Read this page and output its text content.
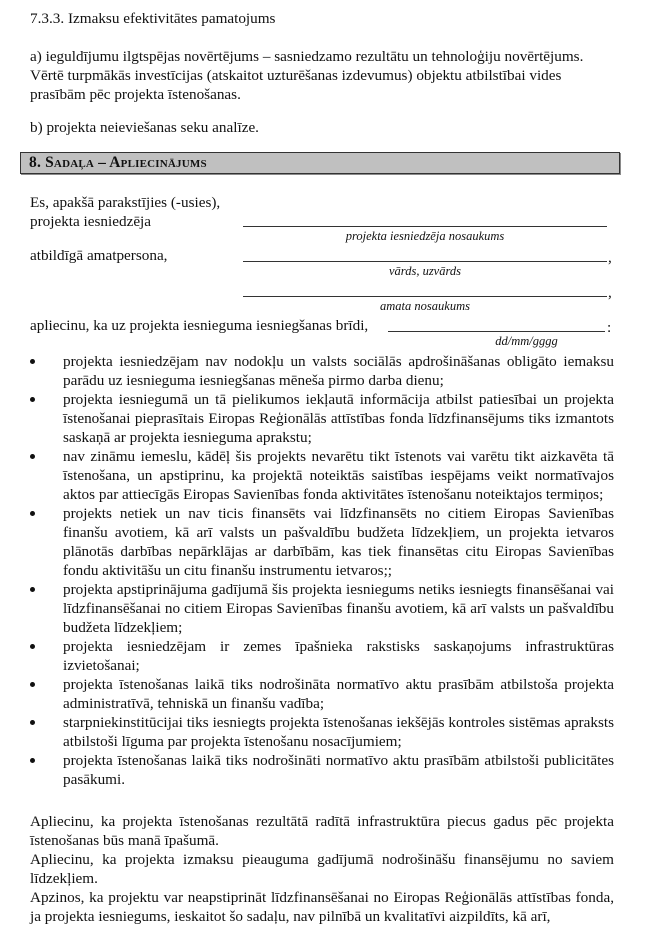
7.3.3. Izmaksu efektivitātes pamatojums
a) ieguldījumu ilgtspējas novērtējums – sasniedzamo rezultātu un tehnoloģiju novērtējums.
Vērtē turpmākās investīcijas (atskaitot uzturēšanas izdevumus) objektu atbilstībai vides
prasībām pēc projekta īstenošanas.
b) projekta neieviešanas seku analīze.
8. Sadaļa – Apliecinājums
Es, apakšā parakstījies (-usies),
projekta iesniedzēja
projekta iesniedzēja nosaukums
atbildīgā amatpersona,	,
vārds, uzvārds
,
amata nosaukums
apliecinu, ka uz projekta iesnieguma iesniegšanas brīdi,	:
dd/mm/gggg
projekta iesniedzējam nav nodokļu un valsts sociālās apdrošināšanas obligāto iemaksu parādu uz iesnieguma iesniegšanas mēneša pirmo darba dienu;
projekta iesniegumā un tā pielikumos iekļautā informācija atbilst patiesībai un projekta īstenošanai pieprasītais Eiropas Reģionālās attīstības fonda līdzfinansējums tiks izmantots saskaņā ar projekta iesnieguma aprakstu;
nav zināmu iemeslu, kādēļ šis projekts nevarētu tikt īstenots vai varētu tikt aizkavēta tā īstenošana, un apstiprinu, ka projektā noteiktās saistības iespējams veikt normatīvajos aktos par attiecīgās Eiropas Savienības fonda aktivitātes īstenošanu noteiktajos termiņos;
projekts netiek un nav ticis finansēts vai līdzfinansēts no citiem Eiropas Savienības finanšu avotiem, kā arī valsts un pašvaldību budžeta līdzekļiem, un projekta ietvaros plānotās darbības nepārklājas ar darbībām, kas tiek finansētas citu Eiropas Savienības fondu aktivitāšu un citu finanšu instrumentu ietvaros;;
projekta apstiprinājuma gadījumā šis projekta iesniegums netiks iesniegts finansēšanai vai līdzfinansēšanai no citiem Eiropas Savienības finanšu avotiem, kā arī valsts un pašvaldību budžeta līdzekļiem;
projekta iesniedzējam ir zemes īpašnieka rakstisks saskaņojums infrastruktūras izvietošanai;
projekta īstenošanas laikā tiks nodrošināta normatīvo aktu prasībām atbilstoša projekta administratīvā, tehniskā un finanšu vadība;
starpniekinstitūcijai tiks iesniegts projekta īstenošanas iekšējās kontroles sistēmas apraksts atbilstoši līguma par projekta īstenošanu nosacījumiem;
projekta īstenošanas laikā tiks nodrošināti normatīvo aktu prasībām atbilstoši publicitātes pasākumi.
Apliecinu, ka projekta īstenošanas rezultātā radītā infrastruktūra piecus gadus pēc projekta īstenošanas būs manā īpašumā.
Apliecinu, ka projekta izmaksu pieauguma gadījumā nodrošināšu finansējumu no saviem līdzekļiem.
Apzinos, ka projektu var neapstiprināt līdzfinansēšanai no Eiropas Reģionālās attīstības fonda, ja projekta iesniegums, ieskaitot šo sadaļu, nav pilnībā un kvalitatīvi aizpildīts, kā arī,
